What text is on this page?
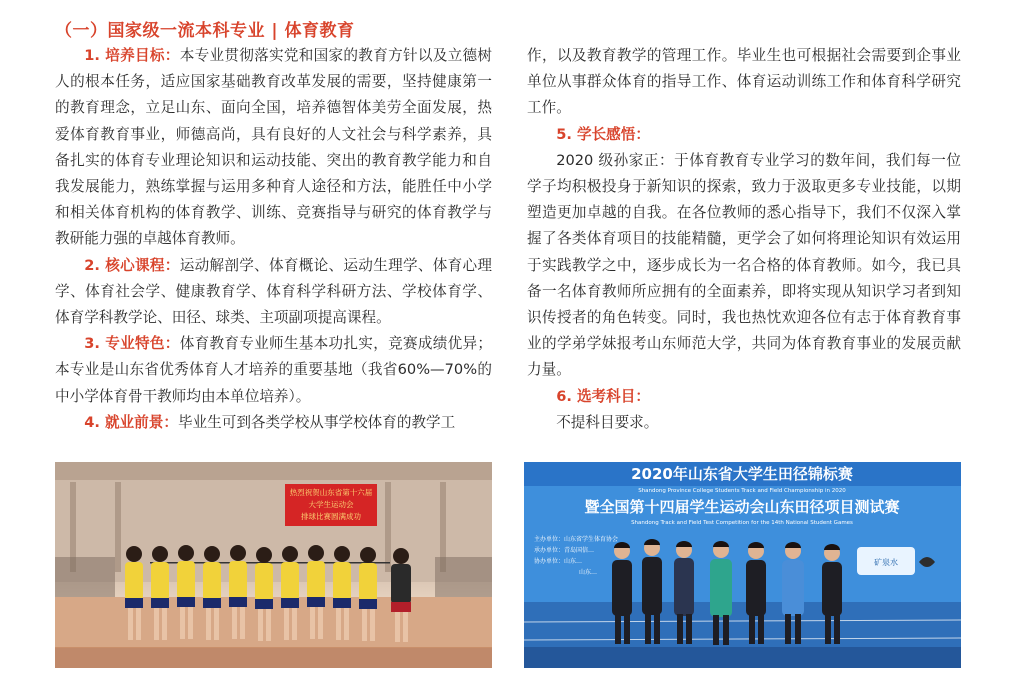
（一）国家级一流本科专业 | 体育教育

1. 培养目标：本专业贯彻落实党和国家的教育方针以及立德树人的根本任务，适应国家基础教育改革发展的需要，坚持健康第一的教育理念，立足山东、面向全国，培养德智体美劳全面发展，热爱体育教育事业，师德高尚，具有良好的人文社会与科学素养，具备扎实的体育专业理论知识和运动技能、突出的教育教学能力和自我发展能力，熟练掌握与运用多种育人途径和方法，能胜任中小学和相关体育机构的体育教学、训练、竞赛指导与研究的体育教学与教研能力强的卓越体育教师。

2. 核心课程：运动解剖学、体育概论、运动生理学、体育心理学、体育社会学、健康教育学、体育科学科研方法、学校体育学、体育学科教学论、田径、球类、主项副项提高课程。

3. 专业特色：体育教育专业师生基本功扎实，竞赛成绩优异；本专业是山东省优秀体育人才培养的重要基地（我省60%—70%的中小学体育骨干教师均由本单位培养）。

4. 就业前景：毕业生可到各类学校从事学校体育的教学工

作，以及教育教学的管理工作。毕业生也可根据社会需要到企事业单位从事群众体育的指导工作、体育运动训练工作和体育科学研究工作。

5. 学长感悟：

2020 级孙家正：于体育教育专业学习的数年间，我们每一位学子均积极投身于新知识的探索，致力于汲取更多专业技能，以期塑造更加卓越的自我。在各位教师的悉心指导下，我们不仅深入掌握了各类体育项目的技能精髓，更学会了如何将理论知识有效运用于实践教学之中，逐步成长为一名合格的体育教师。如今，我已具备一名体育教师所应拥有的全面素养，即将实现从知识学习者到知识传授者的角色转变。同时，我也热忱欢迎各位有志于体育教育事业的学弟学妹报考山东师范大学，共同为体育教育事业的发展贡献力量。

6. 选考科目：

不提科目要求。

热烈祝贺山东省第十六届
大学生运动会
排球比赛圆满成功
2020年山东省大学生田径锦标赛
Shandong Province College Students Track and Field Championship in 2020
暨全国第十四届学生运动会山东田径项目测试赛
Shandong Track and Field Test Competition for the 14th National Student Games
主办单位：山东省学生体育协会
承办单位：青岛国信…
协办单位：山东…
山东…
矿泉水
